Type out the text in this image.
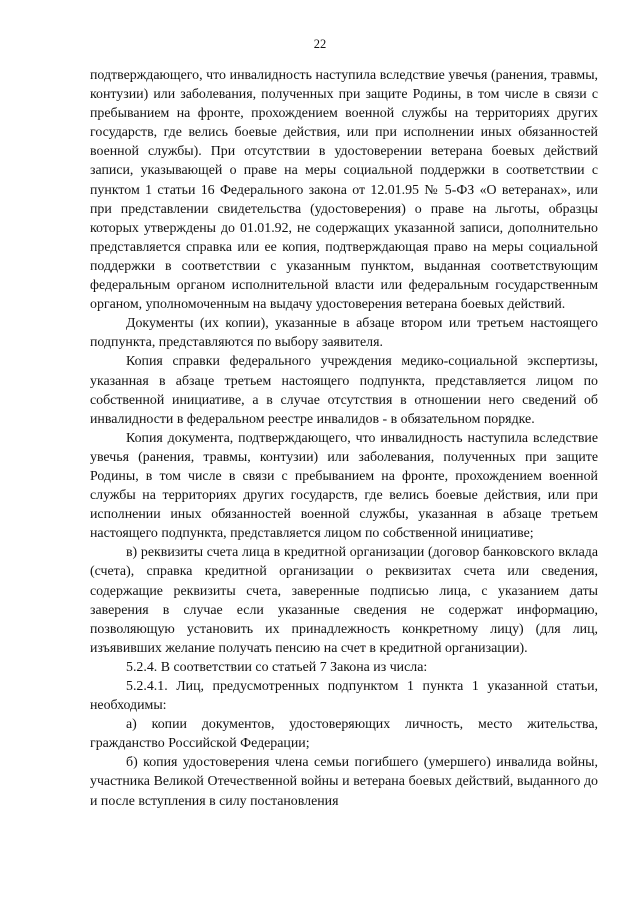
22

подтверждающего, что инвалидность наступила вследствие увечья (ранения, травмы, контузии) или заболевания, полученных при защите Родины, в том числе в связи с пребыванием на фронте, прохождением военной службы на территориях других государств, где велись боевые действия, или при исполнении иных обязанностей военной службы). При отсутствии в удостоверении ветерана боевых действий записи, указывающей о праве на меры социальной поддержки в соответствии с пунктом 1 статьи 16 Федерального закона от 12.01.95 № 5-ФЗ «О ветеранах», или при представлении свидетельства (удостоверения) о праве на льготы, образцы которых утверждены до 01.01.92, не содержащих указанной записи, дополнительно представляется справка или ее копия, подтверждающая право на меры социальной поддержки в соответствии с указанным пунктом, выданная соответствующим федеральным органом исполнительной власти или федеральным государственным органом, уполномоченным на выдачу удостоверения ветерана боевых действий.

Документы (их копии), указанные в абзаце втором или третьем настоящего подпункта, представляются по выбору заявителя.

Копия справки федерального учреждения медико-социальной экспертизы, указанная в абзаце третьем настоящего подпункта, представляется лицом по собственной инициативе, а в случае отсутствия в отношении него сведений об инвалидности в федеральном реестре инвалидов - в обязательном порядке.

Копия документа, подтверждающего, что инвалидность наступила вследствие увечья (ранения, травмы, контузии) или заболевания, полученных при защите Родины, в том числе в связи с пребыванием на фронте, прохождением военной службы на территориях других государств, где велись боевые действия, или при исполнении иных обязанностей военной службы, указанная в абзаце третьем настоящего подпункта, представляется лицом по собственной инициативе;

в) реквизиты счета лица в кредитной организации (договор банковского вклада (счета), справка кредитной организации о реквизитах счета или сведения, содержащие реквизиты счета, заверенные подписью лица, с указанием даты заверения в случае если указанные сведения не содержат информацию, позволяющую установить их принадлежность конкретному лицу) (для лиц, изъявивших желание получать пенсию на счет в кредитной организации).

5.2.4. В соответствии со статьей 7 Закона из числа:

5.2.4.1. Лиц, предусмотренных подпунктом 1 пункта 1 указанной статьи, необходимы:

а) копии документов, удостоверяющих личность, место жительства, гражданство Российской Федерации;

б) копия удостоверения члена семьи погибшего (умершего) инвалида войны, участника Великой Отечественной войны и ветерана боевых действий, выданного до и после вступления в силу постановления
